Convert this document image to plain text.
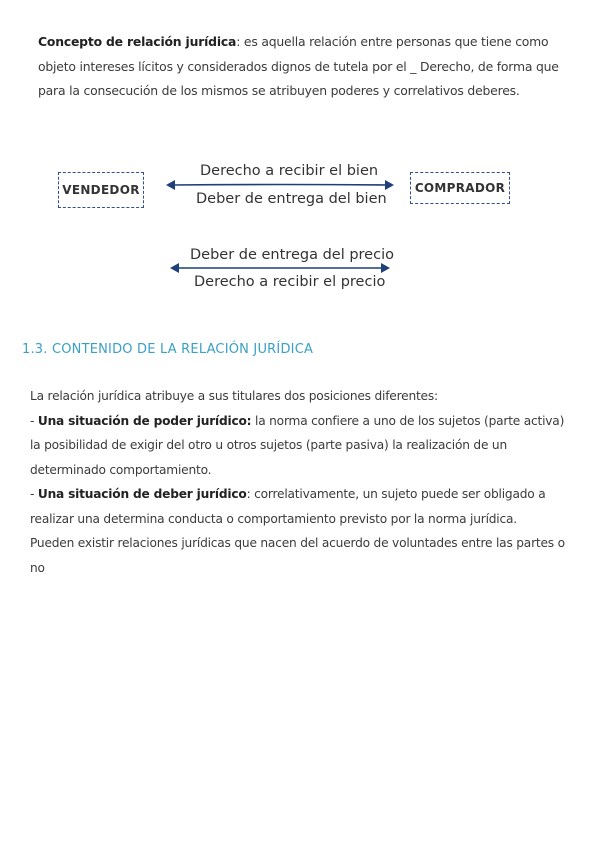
Concepto de relación jurídica: es aquella relación entre personas que tiene como objeto intereses lícitos y considerados dignos de tutela por el _ Derecho, de forma que para la consecución de los mismos se atribuyen poderes y correlativos deberes.
VENDEDOR	COMPRADOR
Derecho a recibir el bien
Deber de entrega del bien
Deber de entrega del precio
Derecho a recibir el precio
1.3. CONTENIDO DE LA RELACIÓN JURÍDICA
La relación jurídica atribuye a sus titulares dos posiciones diferentes:
- Una situación de poder jurídico: la norma confiere a uno de los sujetos (parte activa) la posibilidad de exigir del otro u otros sujetos (parte pasiva) la realización de un determinado comportamiento.
- Una situación de deber jurídico: correlativamente, un sujeto puede ser obligado a realizar una determina conducta o comportamiento previsto por la norma jurídica.
Pueden existir relaciones jurídicas que nacen del acuerdo de voluntades entre las partes o no
